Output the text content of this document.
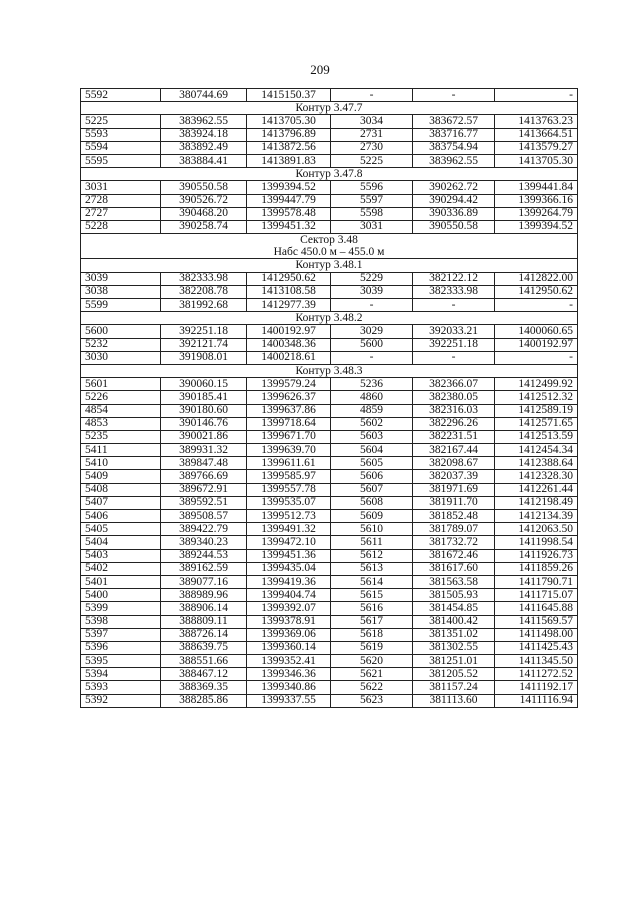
209
5592	380744.69	1415150.37	-	-	-
Контур 3.47.7					
5225	383962.55	1413705.30	3034	383672.57	1413763.23
5593	383924.18	1413796.89	2731	383716.77	1413664.51
5594	383892.49	1413872.56	2730	383754.94	1413579.27
5595	383884.41	1413891.83	5225	383962.55	1413705.30
Контур 3.47.8					
3031	390550.58	1399394.52	5596	390262.72	1399441.84
2728	390526.72	1399447.79	5597	390294.42	1399366.16
2727	390468.20	1399578.48	5598	390336.89	1399264.79
5228	390258.74	1399451.32	3031	390550.58	1399394.52
Сектор 3.48					
Набс 450.0 м – 455.0 м					
Контур 3.48.1					
3039	382333.98	1412950.62	5229	382122.12	1412822.00
3038	382208.78	1413108.58	3039	382333.98	1412950.62
5599	381992.68	1412977.39	-	-	-
Контур 3.48.2					
5600	392251.18	1400192.97	3029	392033.21	1400060.65
5232	392121.74	1400348.36	5600	392251.18	1400192.97
3030	391908.01	1400218.61	-	-	-
Контур 3.48.3					
5601	390060.15	1399579.24	5236	382366.07	1412499.92
5226	390185.41	1399626.37	4860	382380.05	1412512.32
4854	390180.60	1399637.86	4859	382316.03	1412589.19
4853	390146.76	1399718.64	5602	382296.26	1412571.65
5235	390021.86	1399671.70	5603	382231.51	1412513.59
5411	389931.32	1399639.70	5604	382167.44	1412454.34
5410	389847.48	1399611.61	5605	382098.67	1412388.64
5409	389766.69	1399585.97	5606	382037.39	1412328.30
5408	389672.91	1399557.78	5607	381971.69	1412261.44
5407	389592.51	1399535.07	5608	381911.70	1412198.49
5406	389508.57	1399512.73	5609	381852.48	1412134.39
5405	389422.79	1399491.32	5610	381789.07	1412063.50
5404	389340.23	1399472.10	5611	381732.72	1411998.54
5403	389244.53	1399451.36	5612	381672.46	1411926.73
5402	389162.59	1399435.04	5613	381617.60	1411859.26
5401	389077.16	1399419.36	5614	381563.58	1411790.71
5400	388989.96	1399404.74	5615	381505.93	1411715.07
5399	388906.14	1399392.07	5616	381454.85	1411645.88
5398	388809.11	1399378.91	5617	381400.42	1411569.57
5397	388726.14	1399369.06	5618	381351.02	1411498.00
5396	388639.75	1399360.14	5619	381302.55	1411425.43
5395	388551.66	1399352.41	5620	381251.01	1411345.50
5394	388467.12	1399346.36	5621	381205.52	1411272.52
5393	388369.35	1399340.86	5622	381157.24	1411192.17
5392	388285.86	1399337.55	5623	381113.60	1411116.94
